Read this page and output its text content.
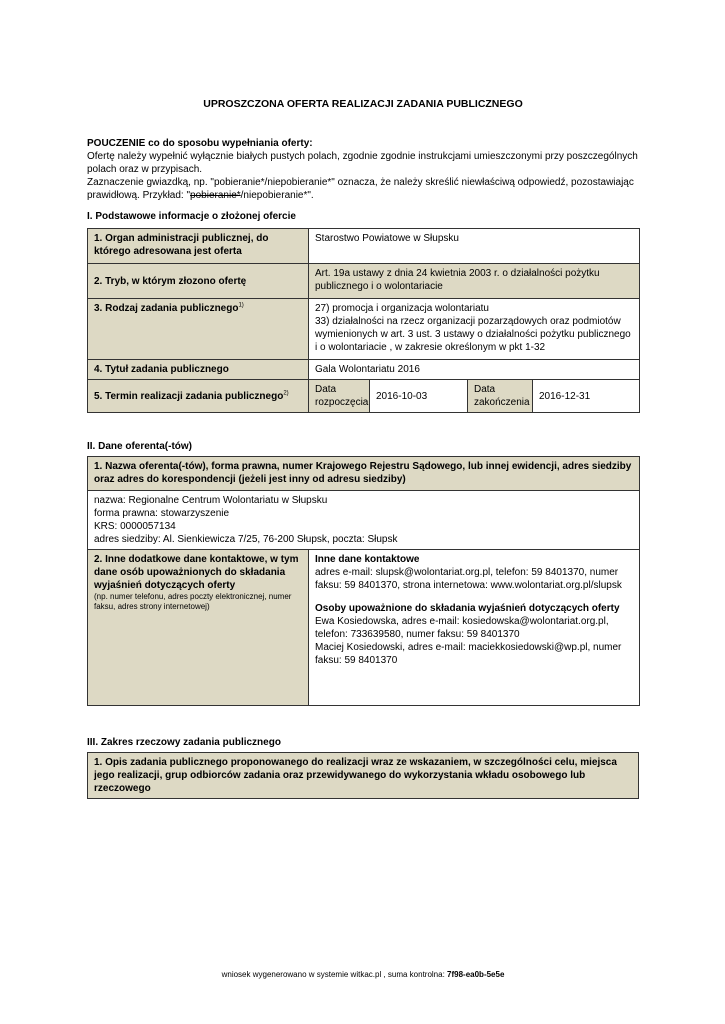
UPROSZCZONA OFERTA REALIZACJI ZADANIA PUBLICZNEGO
POUCZENIE co do sposobu wypełniania oferty:
Ofertę należy wypełnić wyłącznie białych pustych polach, zgodnie zgodnie instrukcjami umieszczonymi przy poszczególnych polach oraz w przypisach.
Zaznaczenie gwiazdką, np. "pobieranie*/niepobieranie*" oznacza, że należy skreślić niewłaściwą odpowiedź, pozostawiając prawidłową. Przykład: "pobieranie*/niepobieranie*".
I. Podstawowe informacje o złożonej ofercie
1. Organ administracji publicznej, do którego adresowana jest oferta	Starostwo Powiatowe w Słupsku			
2. Tryb, w którym złozono ofertę	Art. 19a ustawy z dnia 24 kwietnia 2003 r. o działalności pożytku publicznego i o wolontariacie			
3. Rodzaj zadania publicznego$^{1)}$	27) promocja i organizacja wolontariatu
33) działalności na rzecz organizacji pozarządowych oraz podmiotów wymienionych w art. 3 ust. 3 ustawy o działalności pożytku publicznego i o wolontariacie , w zakresie określonym w pkt 1-32			

4. Tytuł zadania publicznego	Gala Wolontariatu 2016			
5. Termin realizacji zadania publicznego$^{2)}$	Data rozpoczęcia	2016-10-03	Data zakończenia	2016-12-31
II. Dane oferenta(-tów)
1. Nazwa oferenta(-tów), forma prawna, numer Krajowego Rejestru Sądowego, lub innej ewidencji, adres siedziby oraz adres do korespondencji (jeżeli jest inny od adresu siedziby)

nazwa: Regionalne Centrum Wolontariatu w Słupsku
forma prawna: stowarzyszenie
KRS: 0000057134
adres siedziby: Al. Sienkiewicza 7/25, 76-200 Słupsk, poczta: Słupsk

2. Inne dodatkowe dane kontaktowe, w tym dane osób upoważnionych do składania wyjaśnień dotyczących oferty
(np. numer telefonu, adres poczty elektronicznej, numer faksu, adres strony internetowej)

Inne dane kontaktowe
adres e-mail: slupsk@wolontariat.org.pl, telefon: 59 8401370, numer faksu: 59 8401370, strona internetowa: www.wolontariat.org.pl/slupsk
Osoby upoważnione do składania wyjaśnień dotyczących oferty
Ewa Kosiedowska, adres e-mail: kosiedowska@wolontariat.org.pl, telefon: 733639580, numer faksu: 59 8401370
Maciej Kosiedowski, adres e-mail: maciekkosiedowski@wp.pl, numer faksu: 59 8401370
III. Zakres rzeczowy zadania publicznego
1. Opis zadania publicznego proponowanego do realizacji wraz ze wskazaniem, w szczególności celu, miejsca jego realizacji, grup odbiorców zadania oraz przewidywanego do wykorzystania wkładu osobowego lub rzeczowego
wniosek wygenerowano w systemie witkac.pl , suma kontrolna: 7f98-ea0b-5e5e
